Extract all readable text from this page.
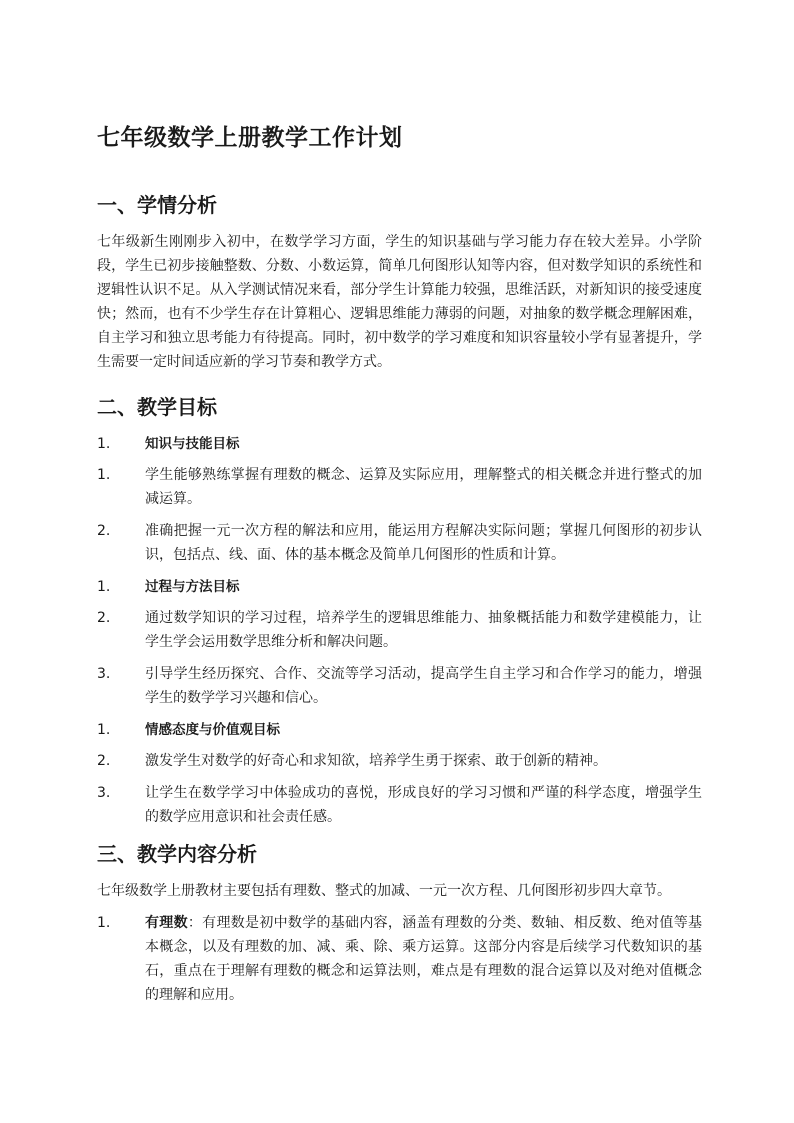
七年级数学上册教学工作计划
一、学情分析

七年级新生刚刚步入初中，在数学学习方面，学生的知识基础与学习能力存在较大差异。小学阶段，学生已初步接触整数、分数、小数运算，简单几何图形认知等内容，但对数学知识的系统性和逻辑性认识不足。从入学测试情况来看，部分学生计算能力较强，思维活跃，对新知识的接受速度快；然而，也有不少学生存在计算粗心、逻辑思维能力薄弱的问题，对抽象的数学概念理解困难，自主学习和独立思考能力有待提高。同时，初中数学的学习难度和知识容量较小学有显著提升，学生需要一定时间适应新的学习节奏和教学方式。

二、教学目标
1.	知识与技能目标
1.	学生能够熟练掌握有理数的概念、运算及实际应用，理解整式的相关概念并进行整式的加减运算。
2.	准确把握一元一次方程的解法和应用，能运用方程解决实际问题；掌握几何图形的初步认识，包括点、线、面、体的基本概念及简单几何图形的性质和计算。
1.	过程与方法目标
2.	通过数学知识的学习过程，培养学生的逻辑思维能力、抽象概括能力和数学建模能力，让学生学会运用数学思维分析和解决问题。
3.	引导学生经历探究、合作、交流等学习活动，提高学生自主学习和合作学习的能力，增强学生的数学学习兴趣和信心。
1.	情感态度与价值观目标
2.	激发学生对数学的好奇心和求知欲，培养学生勇于探索、敢于创新的精神。
3.	让学生在数学学习中体验成功的喜悦，形成良好的学习习惯和严谨的科学态度，增强学生的数学应用意识和社会责任感。
三、教学内容分析

七年级数学上册教材主要包括有理数、整式的加减、一元一次方程、几何图形初步四大章节。

1.	有理数：有理数是初中数学的基础内容，涵盖有理数的分类、数轴、相反数、绝对值等基本概念，以及有理数的加、减、乘、除、乘方运算。这部分内容是后续学习代数知识的基石，重点在于理解有理数的概念和运算法则，难点是有理数的混合运算以及对绝对值概念的理解和应用。
